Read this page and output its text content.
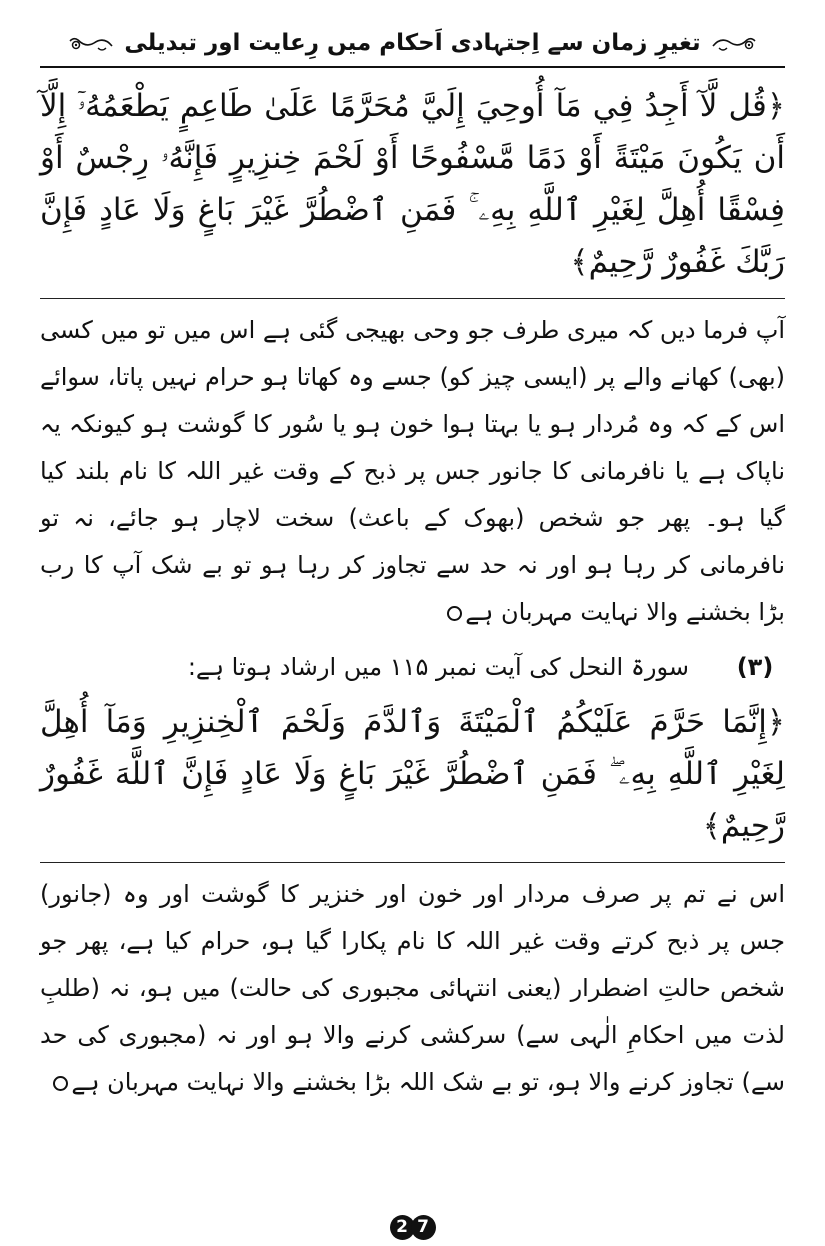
تغیرِ زمان سے اِجتہادی اَحکام میں رِعایت اور تبدیلی

﴿قُل لَّآ أَجِدُ فِي مَآ أُوحِيَ إِلَيَّ مُحَرَّمًا عَلَىٰ طَاعِمٍ يَطْعَمُهُۥٓ إِلَّآ أَن يَكُونَ مَيْتَةً أَوْ دَمًا مَّسْفُوحًا أَوْ لَحْمَ خِنزِيرٍ فَإِنَّهُۥ رِجْسٌ أَوْ فِسْقًا أُهِلَّ لِغَيْرِ ٱللَّهِ بِهِۦ ۚ فَمَنِ ٱضْطُرَّ غَيْرَ بَاغٍ وَلَا عَادٍ فَإِنَّ رَبَّكَ غَفُورٌ رَّحِيمٌ﴾

آپ فرما دیں کہ میری طرف جو وحی بھیجی گئی ہے اس میں تو میں کسی (بھی) کھانے والے پر (ایسی چیز کو) جسے وہ کھاتا ہو حرام نہیں پاتا، سوائے اس کے کہ وہ مُردار ہو یا بہتا ہوا خون ہو یا سُور کا گوشت ہو کیونکہ یہ ناپاک ہے یا نافرمانی کا جانور جس پر ذبح کے وقت غیر اللہ کا نام بلند کیا گیا ہو۔ پھر جو شخص (بھوک کے باعث) سخت لاچار ہو جائے، نہ تو نافرمانی کر رہا ہو اور نہ حد سے تجاوز کر رہا ہو تو بے شک آپ کا رب بڑا بخشنے والا نہایت مہربان ہے

(۳)
سورۃ النحل کی آیت نمبر ۱۱۵ میں ارشاد ہوتا ہے:

﴿إِنَّمَا حَرَّمَ عَلَيْكُمُ ٱلْمَيْتَةَ وَٱلدَّمَ وَلَحْمَ ٱلْخِنزِيرِ وَمَآ أُهِلَّ لِغَيْرِ ٱللَّهِ بِهِۦ ۖ فَمَنِ ٱضْطُرَّ غَيْرَ بَاغٍ وَلَا عَادٍ فَإِنَّ ٱللَّهَ غَفُورٌ رَّحِيمٌ﴾

اس نے تم پر صرف مردار اور خون اور خنزیر کا گوشت اور وہ (جانور) جس پر ذبح کرتے وقت غیر اللہ کا نام پکارا گیا ہو، حرام کیا ہے، پھر جو شخص حالتِ اضطرار (یعنی انتہائی مجبوری کی حالت) میں ہو، نہ (طلبِ لذت میں احکامِ الٰہی سے) سرکشی کرنے والا ہو اور نہ (مجبوری کی حد سے) تجاوز کرنے والا ہو، تو بے شک اللہ بڑا بخشنے والا نہایت مہربان ہے

2 7
